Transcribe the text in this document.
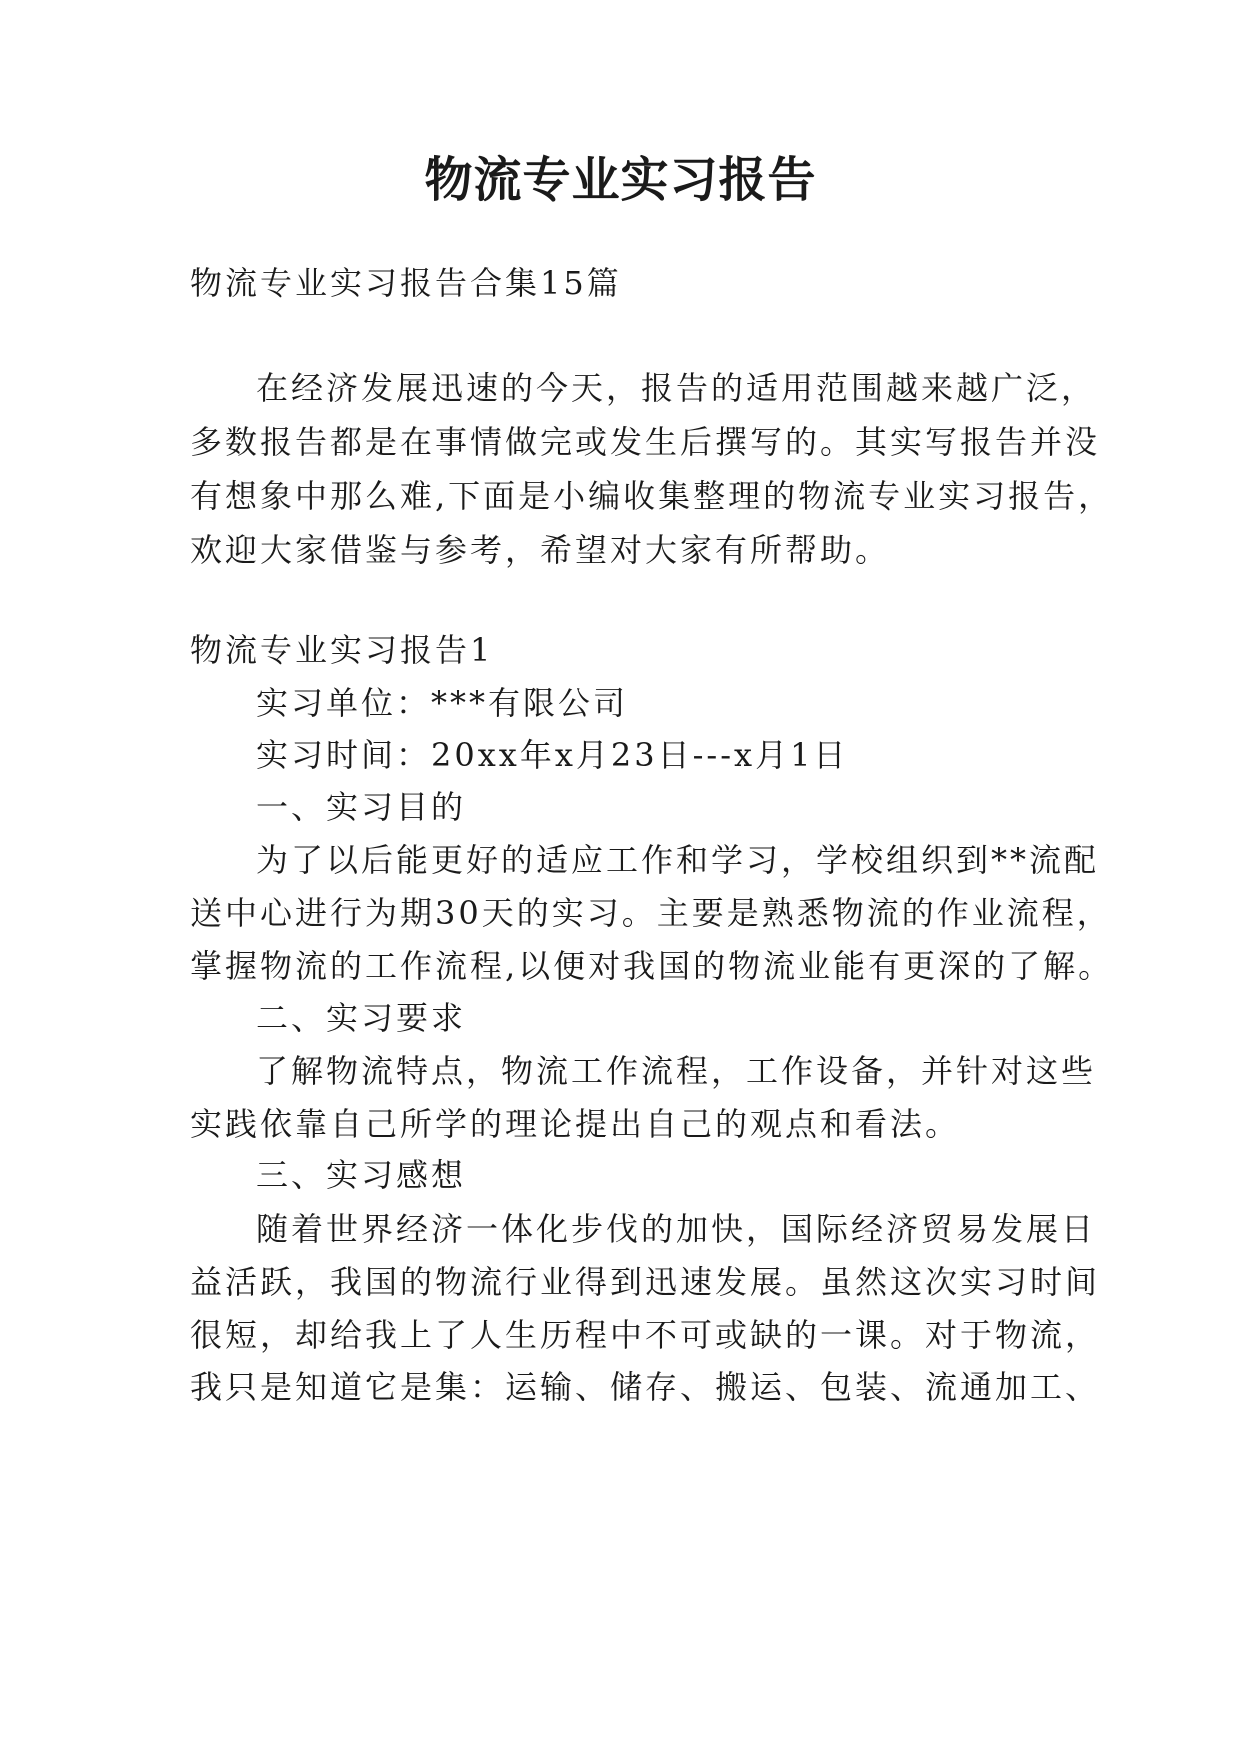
物流专业实习报告
物流专业实习报告合集15篇
在经济发展迅速的今天，报告的适用范围越来越广泛，
多数报告都是在事情做完或发生后撰写的。其实写报告并没
有想象中那么难,下面是小编收集整理的物流专业实习报告，
欢迎大家借鉴与参考，希望对大家有所帮助。
物流专业实习报告1
实习单位：***有限公司
实习时间：20xx年x月23日---x月1日
一、实习目的
为了以后能更好的适应工作和学习，学校组织到**流配
送中心进行为期30天的实习。主要是熟悉物流的作业流程，
掌握物流的工作流程,以便对我国的物流业能有更深的了解。
二、实习要求
了解物流特点，物流工作流程，工作设备，并针对这些
实践依靠自己所学的理论提出自己的观点和看法。
三、实习感想
随着世界经济一体化步伐的加快，国际经济贸易发展日
益活跃，我国的物流行业得到迅速发展。虽然这次实习时间
很短，却给我上了人生历程中不可或缺的一课。对于物流，
我只是知道它是集：运输、储存、搬运、包装、流通加工、
